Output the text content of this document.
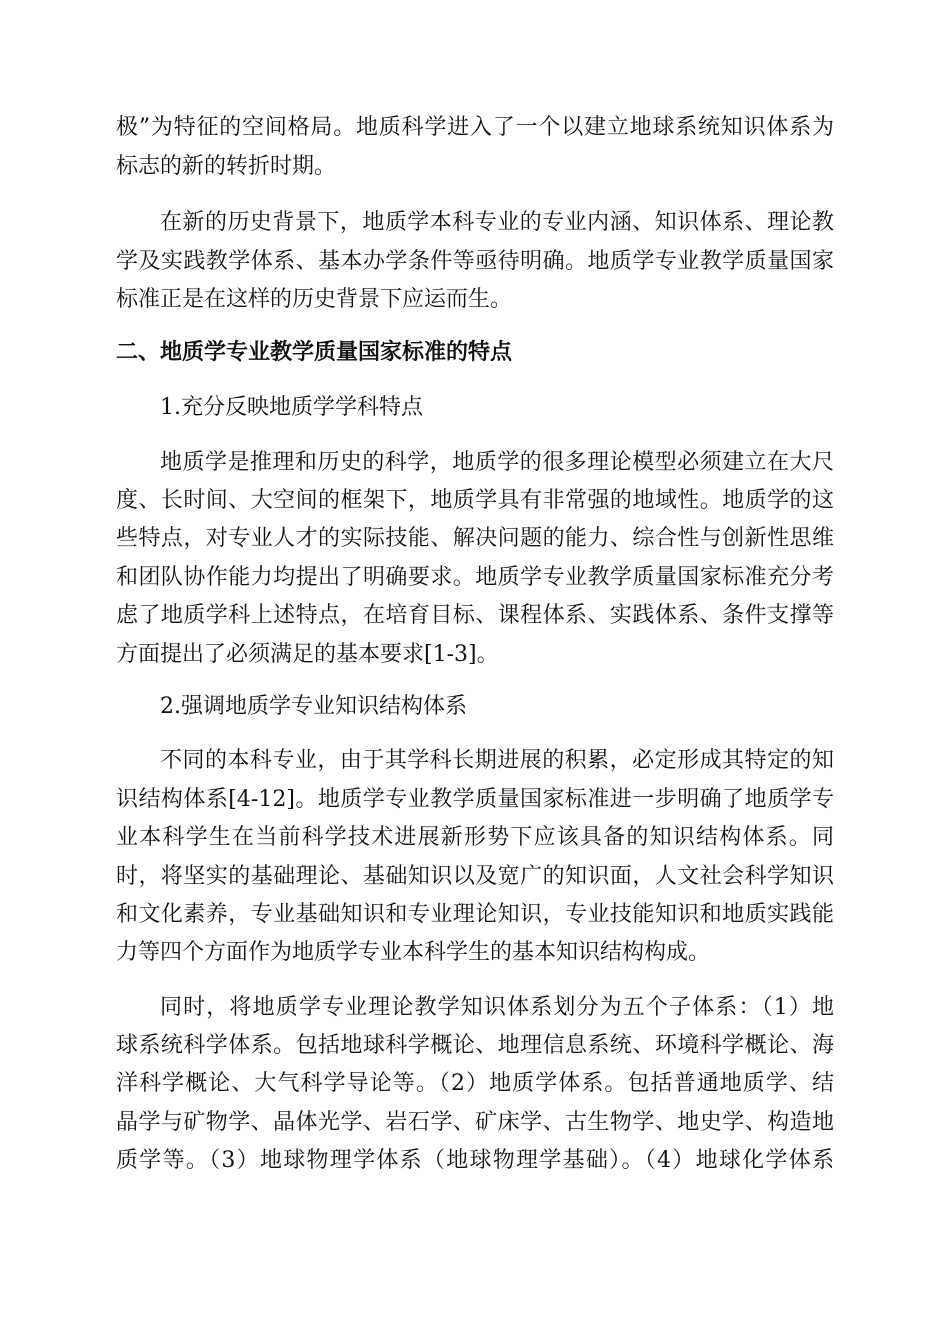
极”为特征的空间格局。地质科学进入了一个以建立地球系统知识体系为

标志的新的转折时期。

在新的历史背景下，地质学本科专业的专业内涵、知识体系、理论教

学及实践教学体系、基本办学条件等亟待明确。地质学专业教学质量国家

标准正是在这样的历史背景下应运而生。

二、地质学专业教学质量国家标准的特点

1.充分反映地质学学科特点

地质学是推理和历史的科学，地质学的很多理论模型必须建立在大尺

度、长时间、大空间的框架下，地质学具有非常强的地域性。地质学的这

些特点，对专业人才的实际技能、解决问题的能力、综合性与创新性思维

和团队协作能力均提出了明确要求。地质学专业教学质量国家标准充分考

虑了地质学科上述特点，在培育目标、课程体系、实践体系、条件支撑等

方面提出了必须满足的基本要求[1-3]。

2.强调地质学专业知识结构体系

不同的本科专业，由于其学科长期进展的积累，必定形成其特定的知

识结构体系[4-12]。地质学专业教学质量国家标准进一步明确了地质学专

业本科学生在当前科学技术进展新形势下应该具备的知识结构体系。同

时，将坚实的基础理论、基础知识以及宽广的知识面，人文社会科学知识

和文化素养，专业基础知识和专业理论知识，专业技能知识和地质实践能

力等四个方面作为地质学专业本科学生的基本知识结构构成。

同时，将地质学专业理论教学知识体系划分为五个子体系：（1）地

球系统科学体系。包括地球科学概论、地理信息系统、环境科学概论、海

洋科学概论、大气科学导论等。（2）地质学体系。包括普通地质学、结

晶学与矿物学、晶体光学、岩石学、矿床学、古生物学、地史学、构造地

质学等。（3）地球物理学体系（地球物理学基础）。（4）地球化学体系
